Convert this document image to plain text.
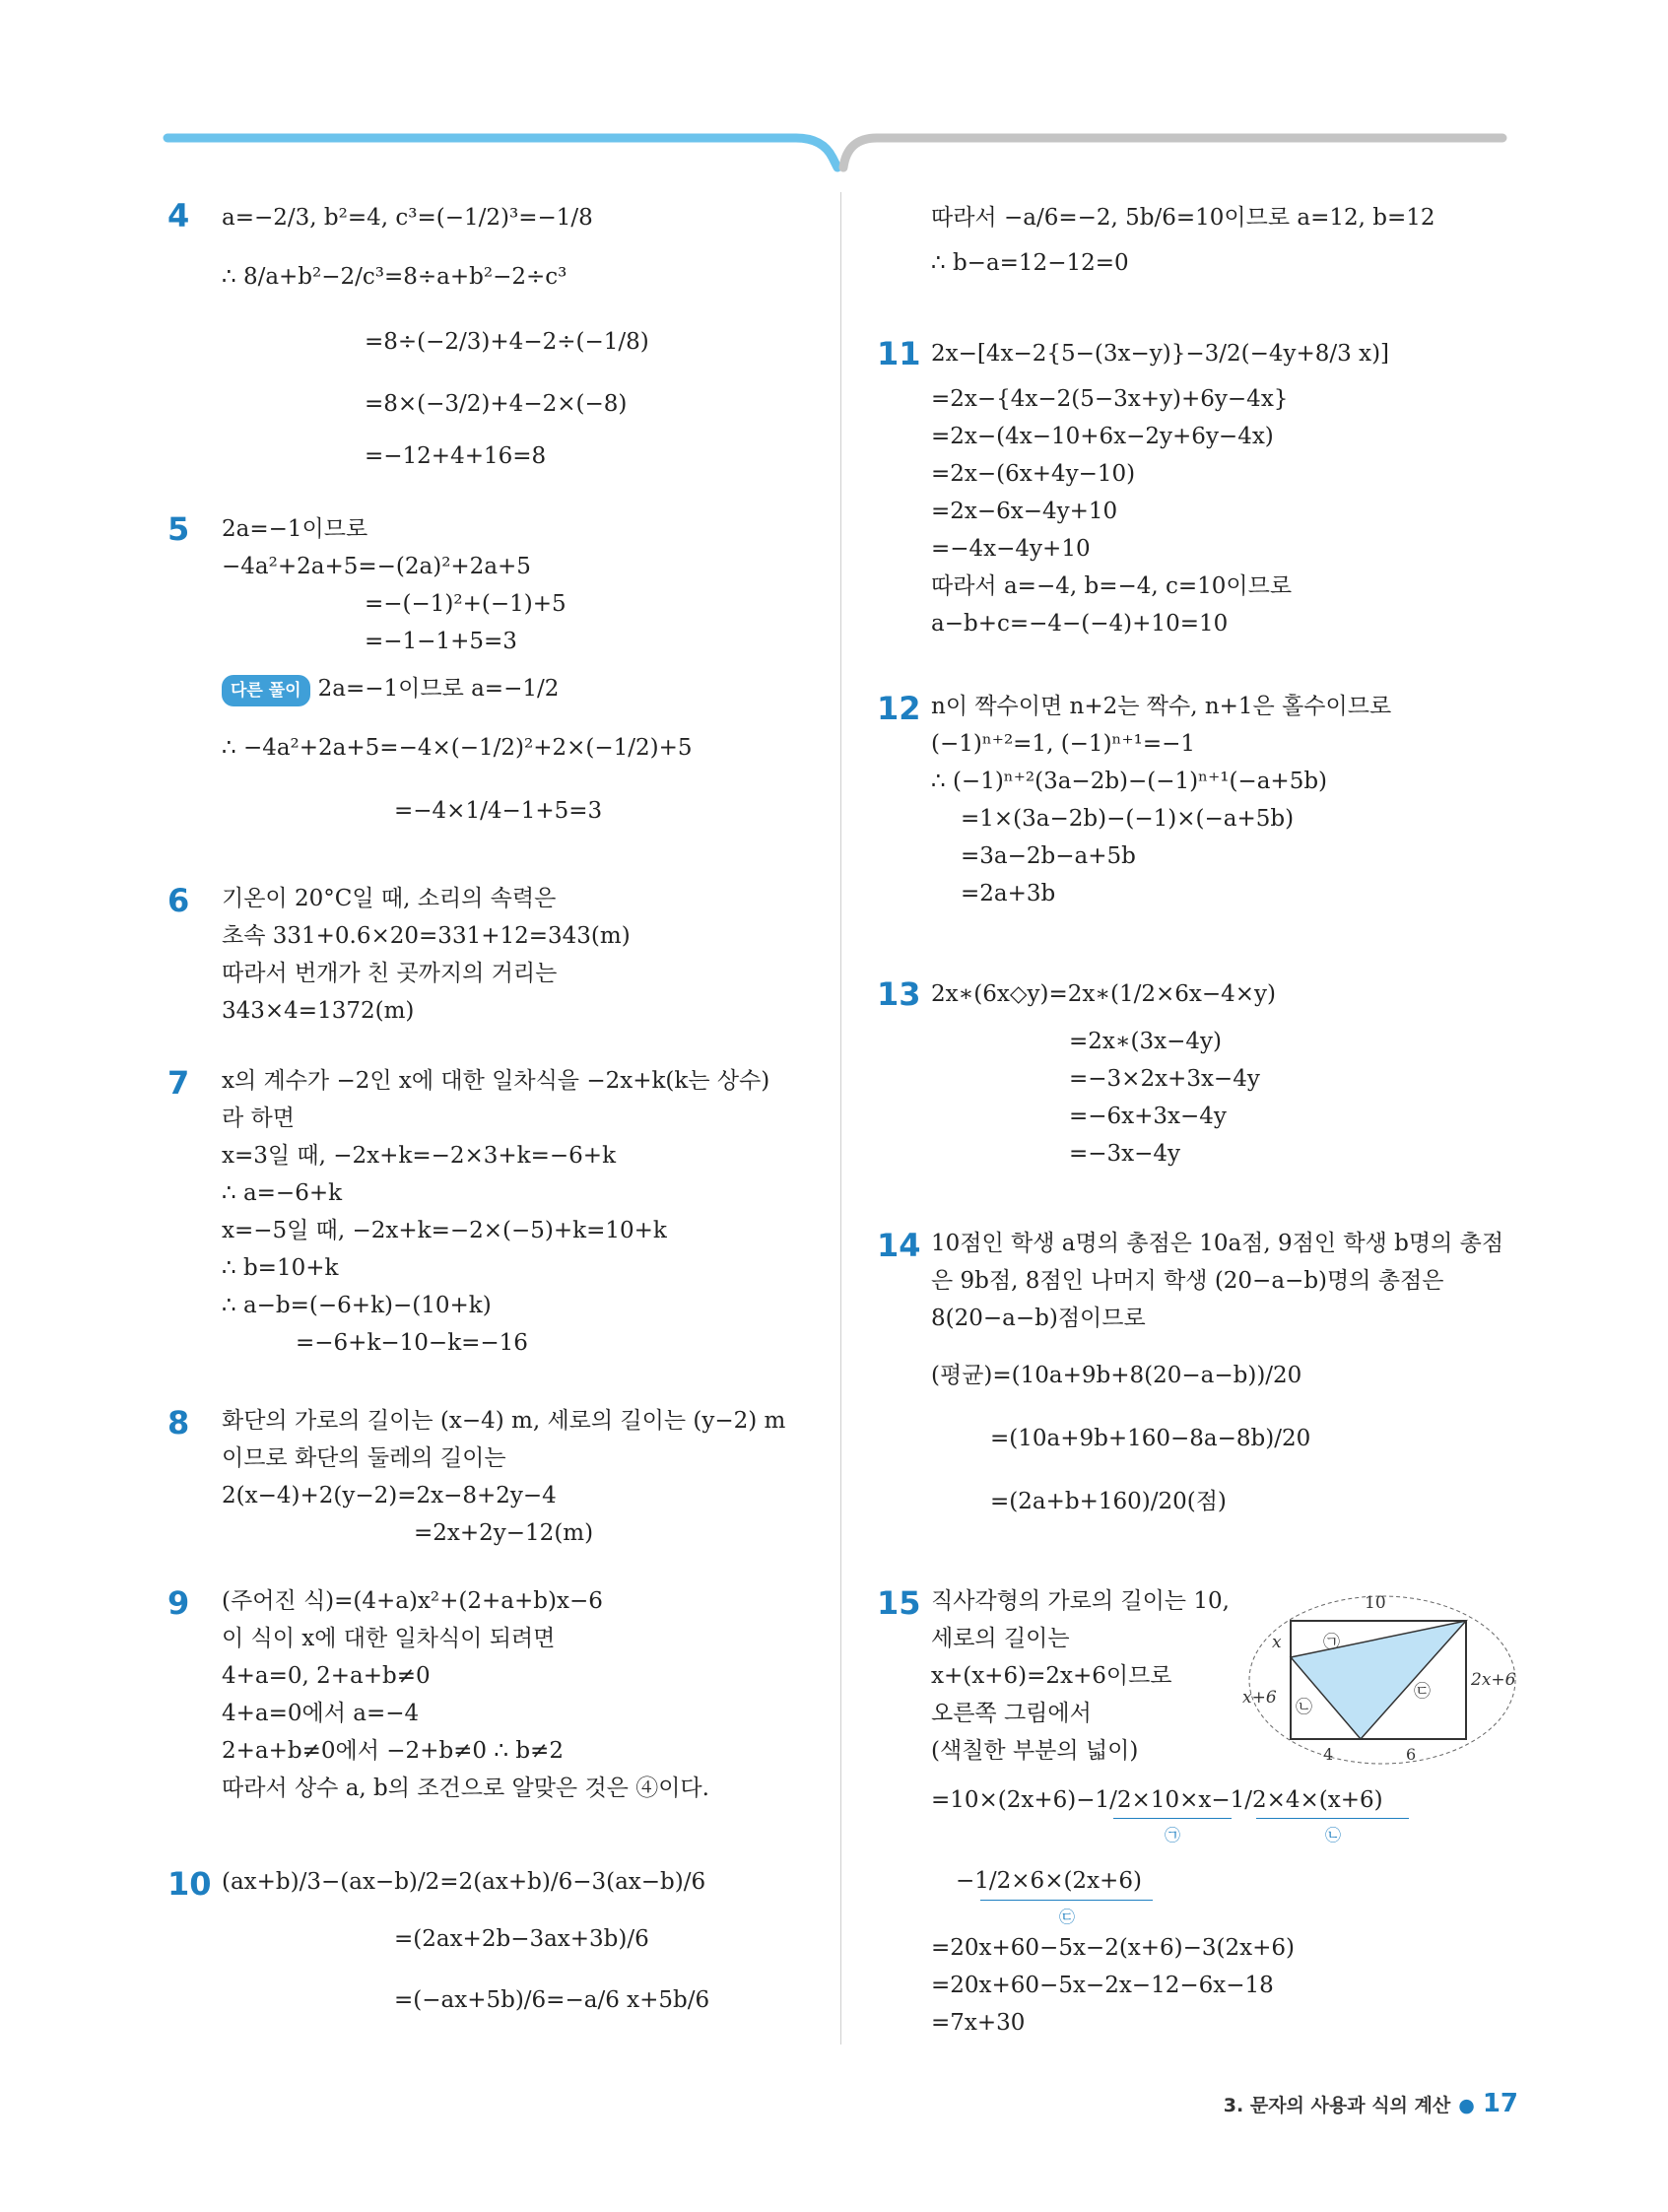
4 a=−2/3, b²=4, c³=(−1/2)³=−1/8
∴ 8/a+b²−2/c³=8÷a+b²−2÷c³
=8÷(−2/3)+4−2÷(−1/8)
=8×(−3/2)+4−2×(−8)
=−12+4+16=8
5 2a=−1이므로
−4a²+2a+5=−(2a)²+2a+5
=−(−1)²+(−1)+5
=−1−1+5=3
다른 풀이 2a=−1이므로 a=−1/2
∴ −4a²+2a+5=−4×(−1/2)²+2×(−1/2)+5
=−4×1/4−1+5=3
6 기온이 20°C일 때, 소리의 속력은
초속 331+0.6×20=331+12=343(m)
따라서 번개가 친 곳까지의 거리는
343×4=1372(m)
7 x의 계수가 −2인 x에 대한 일차식을 −2x+k(k는 상수)
라 하면
x=3일 때, −2x+k=−2×3+k=−6+k
∴ a=−6+k
x=−5일 때, −2x+k=−2×(−5)+k=10+k
∴ b=10+k
∴ a−b=(−6+k)−(10+k)
=−6+k−10−k=−16
8 화단의 가로의 길이는 (x−4) m, 세로의 길이는 (y−2) m
이므로 화단의 둘레의 길이는
2(x−4)+2(y−2)=2x−8+2y−4
=2x+2y−12(m)
9 (주어진 식)=(4+a)x²+(2+a+b)x−6
이 식이 x에 대한 일차식이 되려면
4+a=0, 2+a+b≠0
4+a=0에서 a=−4
2+a+b≠0에서 −2+b≠0 ∴ b≠2
따라서 상수 a, b의 조건으로 알맞은 것은 ④이다.
10 (ax+b)/3−(ax−b)/2=2(ax+b)/6−3(ax−b)/6
=(2ax+2b−3ax+3b)/6
=(−ax+5b)/6=−a/6 x+5b/6
따라서 −a/6=−2, 5b/6=10이므로 a=12, b=12
∴ b−a=12−12=0
11 2x−[4x−2{5−(3x−y)}−3/2(−4y+8/3 x)]
=2x−{4x−2(5−3x+y)+6y−4x}
=2x−(4x−10+6x−2y+6y−4x)
=2x−(6x+4y−10)
=2x−6x−4y+10
=−4x−4y+10
따라서 a=−4, b=−4, c=10이므로
a−b+c=−4−(−4)+10=10
12 n이 짝수이면 n+2는 짝수, n+1은 홀수이므로
(−1)ⁿ⁺²=1, (−1)ⁿ⁺¹=−1
∴ (−1)ⁿ⁺²(3a−2b)−(−1)ⁿ⁺¹(−a+5b)
=1×(3a−2b)−(−1)×(−a+5b)
=3a−2b−a+5b
=2a+3b
13 2x∗(6x◇y)=2x∗(1/2×6x−4×y)
=2x∗(3x−4y)
=−3×2x+3x−4y
=−6x+3x−4y
=−3x−4y
14 10점인 학생 a명의 총점은 10a점, 9점인 학생 b명의 총점
은 9b점, 8점인 나머지 학생 (20−a−b)명의 총점은
8(20−a−b)점이므로
(평균)=(10a+9b+8(20−a−b))/20
=(10a+9b+160−8a−8b)/20
=(2a+b+160)/20(점)
15 직사각형의 가로의 길이는 10,
세로의 길이는
x+(x+6)=2x+6이므로
오른쪽 그림에서
(색칠한 부분의 넓이)
=10×(2x+6)−1/2×10×x−1/2×4×(x+6)
−1/2×6×(2x+6)
=20x+60−5x−2(x+6)−3(2x+6)
=20x+60−5x−2x−12−6x−18
=7x+30
㉠	㉡
㉢
10
x
x+6
2x+6
4	6
㉠
㉡
㉢
3. 문자의 사용과 식의 계산 ● 17
